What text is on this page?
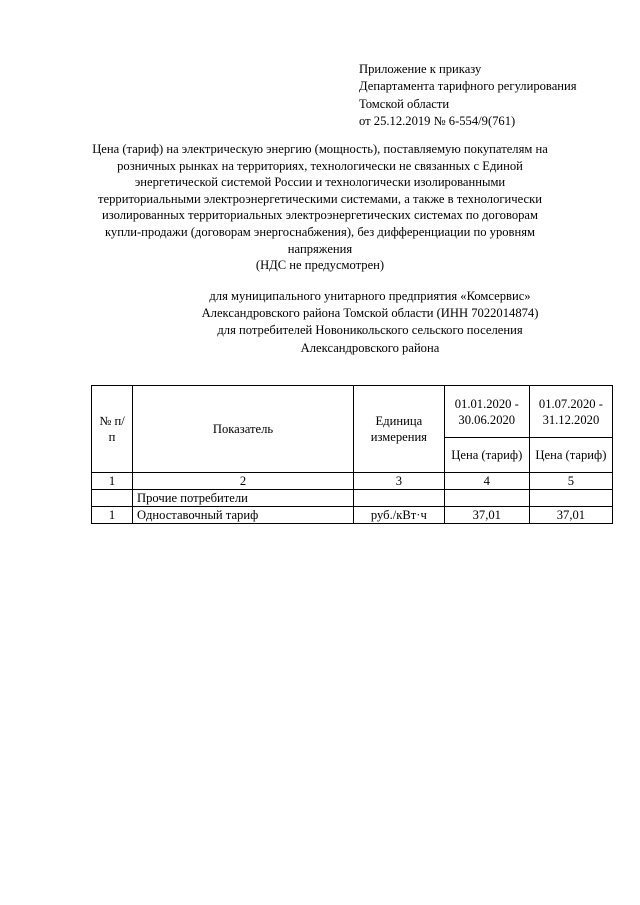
Приложение к приказу
Департамента тарифного регулирования
Томской области
от 25.12.2019 № 6-554/9(761)
Цена (тариф) на электрическую энергию (мощность), поставляемую покупателям на
розничных рынках на территориях, технологически не связанных с Единой
энергетической системой России и технологически изолированными
территориальными электроэнергетическими системами, а также в технологически
изолированных территориальных электроэнергетических системах по договорам
купли-продажи (договорам энергоснабжения), без дифференциации по уровням
напряжения
(НДС не предусмотрен)
для муниципального унитарного предприятия «Комсервис»
Александровского района Томской области (ИНН 7022014874)
для потребителей Новоникольского сельского поселения
Александровского района
№ п/п	Показатель	Единица измерения	01.01.2020 - 30.06.2020	01.07.2020 - 31.12.2020
			Цена (тариф)	Цена (тариф)
1	2	3	4	5
	Прочие потребители			
1	Одноставочный тариф	руб./кВт·ч	37,01	37,01
